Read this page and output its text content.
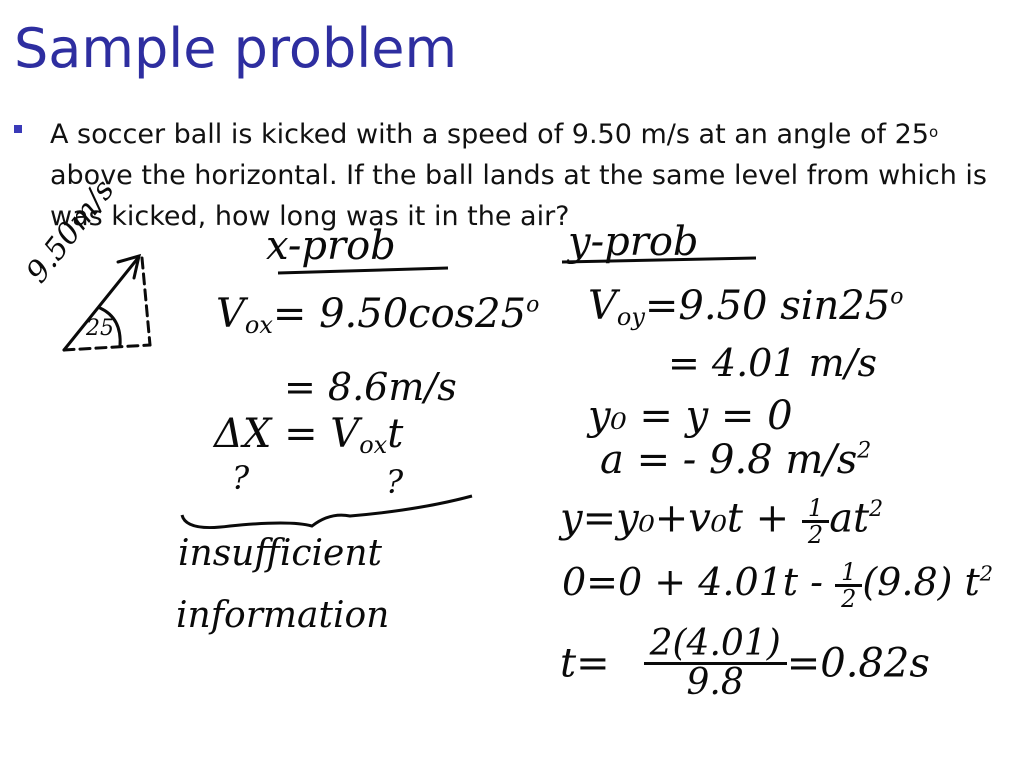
Sample problem
A soccer ball is kicked with a speed of 9.50 m/s at an angle of 25$^o$ above the horizontal. If the ball lands at the same level from which is was kicked, how long was it in the air?
9.50m/s
25
x-prob
$V_{ox}= 9.50\cos 25^o$
= 8.6m/s
$\Delta X = V_{ox}t$
?	?
insufficient
information
y-prob
$V_{oy}=9.50$ $\sin 25^o$
= 4.01 m/s
y₀ = y = 0
a = - 9.8 $m/s^2$
$y=y_0+v_0t + \frac{1}{2} at^2$
$0=0 + 4.01t - \frac{1}{2} (9.8)$ $t^2$
$t= \frac{2(4.01)}{9.8} =0.82s$
